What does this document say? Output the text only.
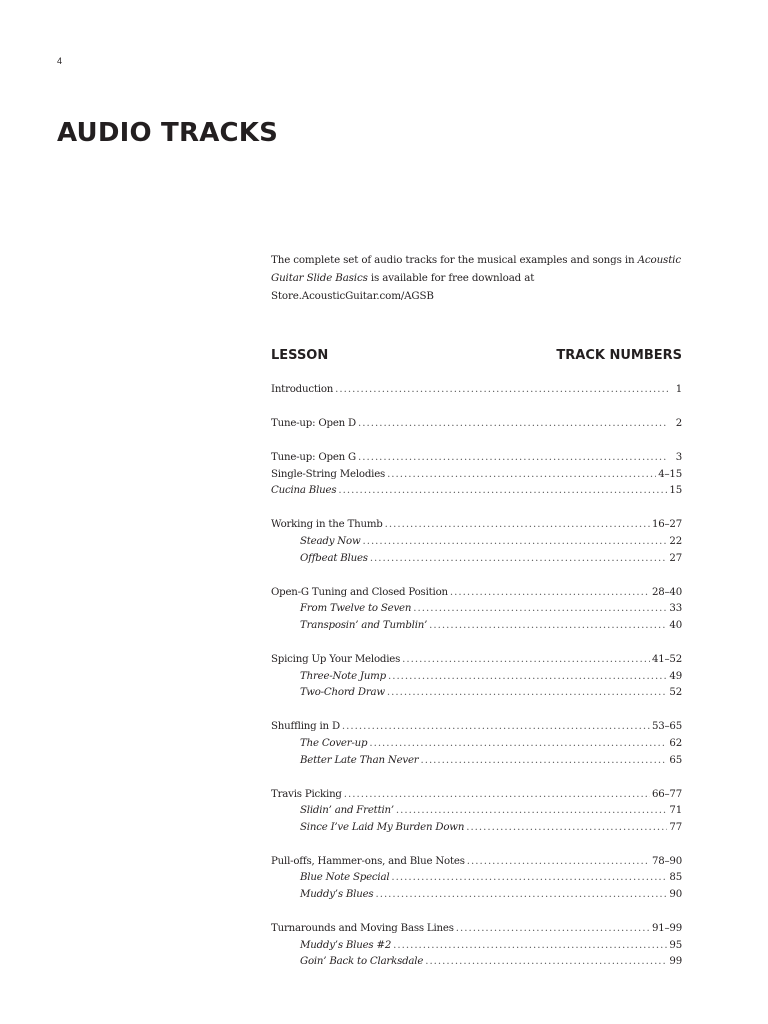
4
AUDIO TRACKS

The complete set of audio tracks for the musical examples and songs in Acoustic Guitar Slide Basics is available for free download at Store.AcousticGuitar.com/AGSB

LESSON	TRACK NUMBERS
Introduction .....	1
Tune-up: Open D .....	2
Tune-up: Open G .....	3
Single-String Melodies .....	4–15
Cucina Blues .....	15
Working in the Thumb .....	16–27
Steady Now .....	22
Offbeat Blues .....	27
Open-G Tuning and Closed Position .....	28–40
From Twelve to Seven .....	33
Transposin’ and Tumblin’ .....	40
Spicing Up Your Melodies .....	41–52
Three-Note Jump .....	49
Two-Chord Draw .....	52
Shuffling in D .....	53–65
The Cover-up .....	62
Better Late Than Never .....	65
Travis Picking .....	66–77
Slidin’ and Frettin’ .....	71
Since I’ve Laid My Burden Down .....	77
Pull-offs, Hammer-ons, and Blue Notes .....	78–90
Blue Note Special .....	85
Muddy’s Blues .....	90
Turnarounds and Moving Bass Lines .....	91–99
Muddy’s Blues #2 .....	95
Goin’ Back to Clarksdale .....	99
